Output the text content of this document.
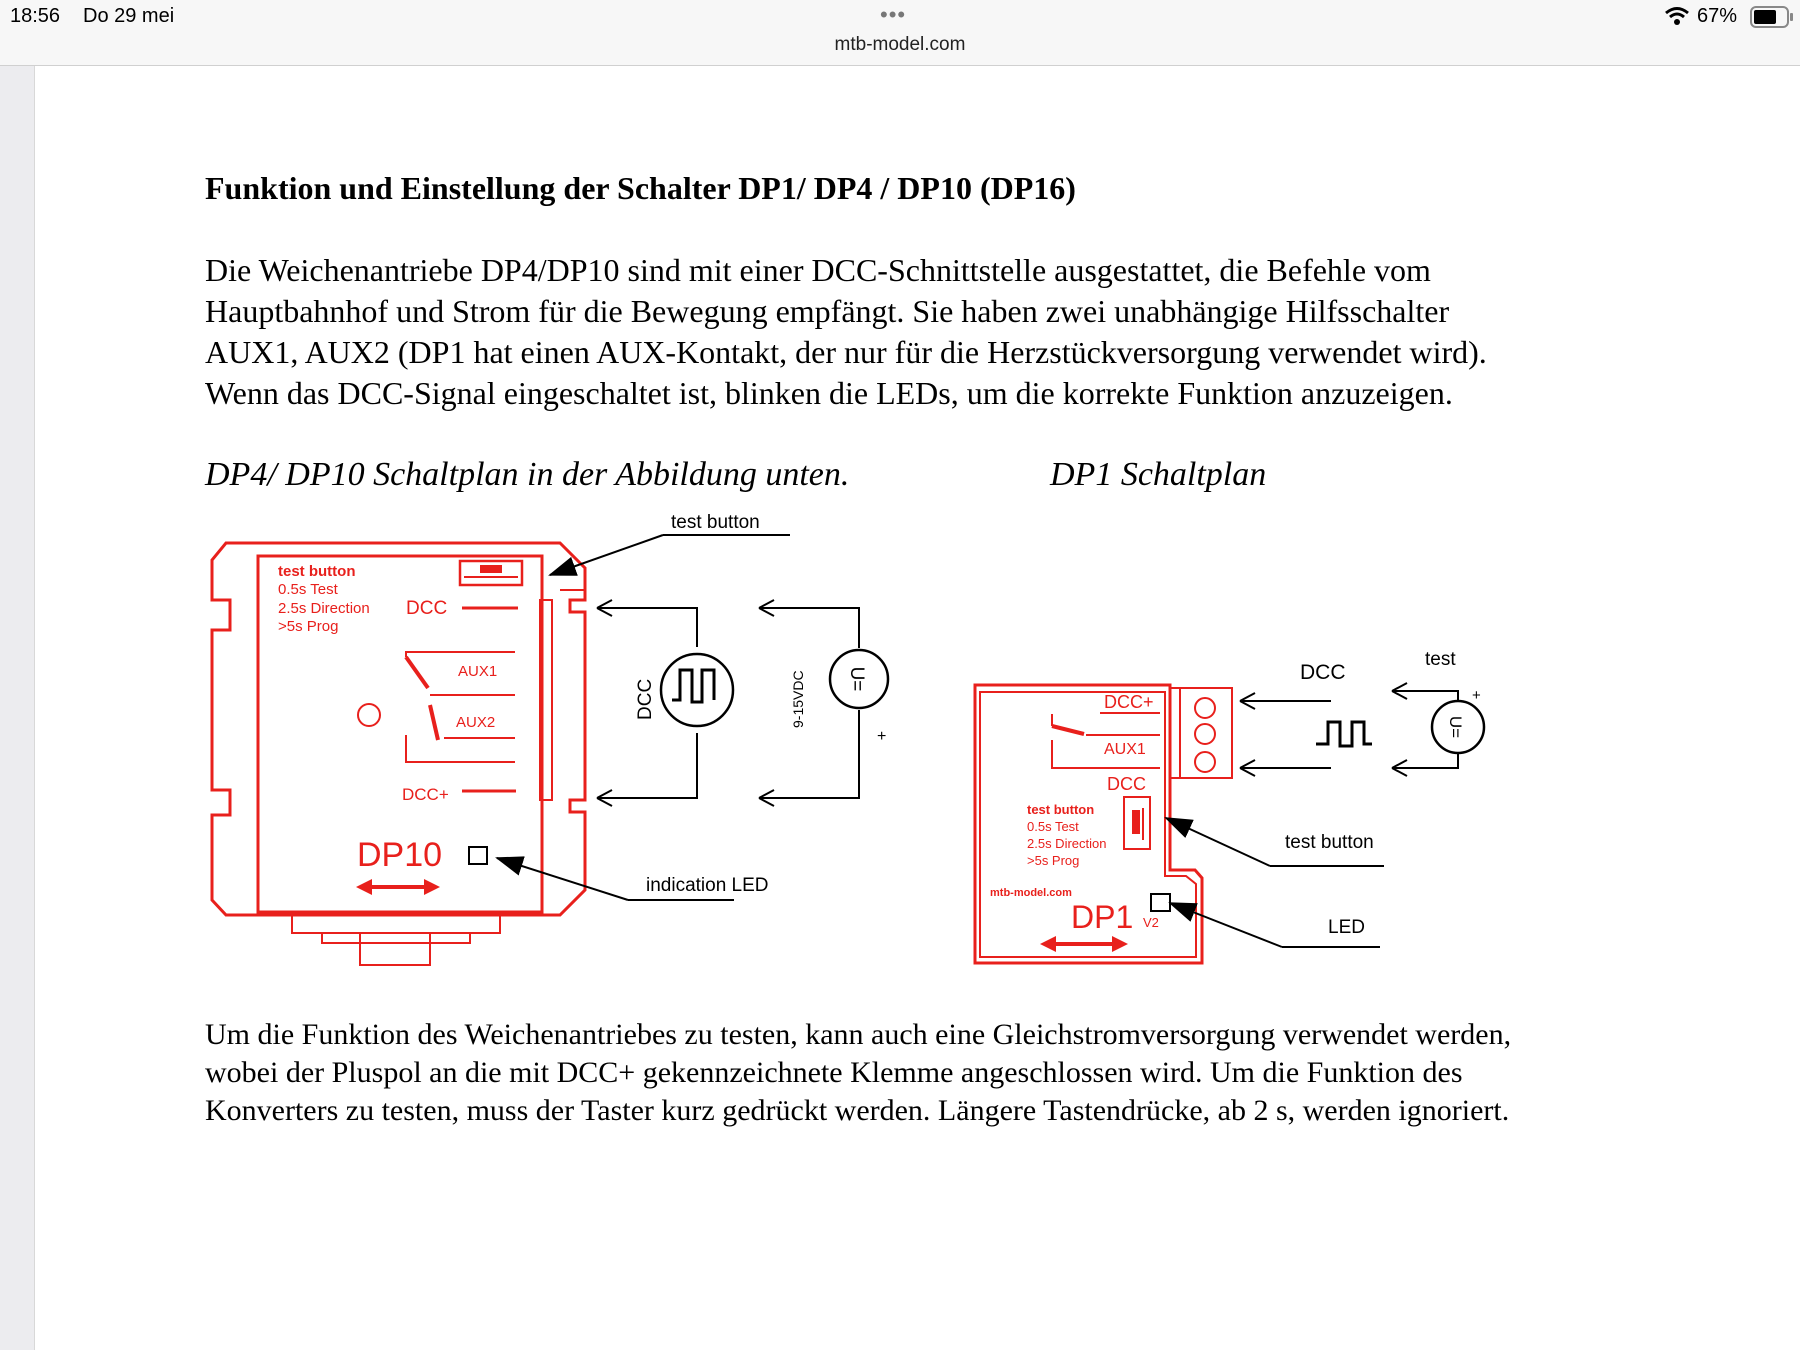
18:56 Do 29 mei	•••
mtb-model.com
67%
Funktion und Einstellung der Schalter DP1/ DP4 / DP10 (DP16)
Die Weichenantriebe DP4/DP10 sind mit einer DCC-Schnittstelle ausgestattet, die Befehle vom
Hauptbahnhof und Strom für die Bewegung empfängt. Sie haben zwei unabhängige Hilfsschalter
AUX1, AUX2 (DP1 hat einen AUX-Kontakt, der nur für die Herzstückversorgung verwendet wird).
Wenn das DCC-Signal eingeschaltet ist, blinken die LEDs, um die korrekte Funktion anzuzeigen.
DP4/ DP10 Schaltplan in der Abbildung unten.	DP1 Schaltplan
Um die Funktion des Weichenantriebes zu testen, kann auch eine Gleichstromversorgung verwendet werden,
wobei der Pluspol an die mit DCC+ gekennzeichnete Klemme angeschlossen wird. Um die Funktion des
Konverters zu testen, muss der Taster kurz gedrückt werden. Längere Tastendrücke, ab 2 s, werden ignoriert.
test button
0.5s Test
2.5s Direction
>5s Prog
DCC
AUX1
AUX2
DCC+
DP10
test button
indication LED
DCC	U=
9-15VDC
+
DCC+
AUX1
DCC
test button
0.5s Test
2.5s Direction
>5s Prog
mtb-model.com
DP1 V2
DCC
U=
+
test
test button
LED
